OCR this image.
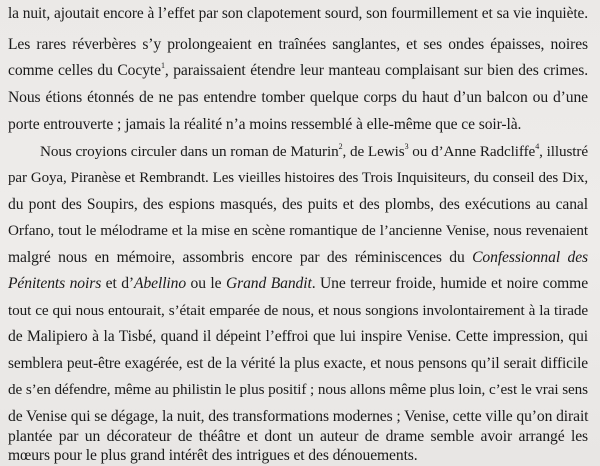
la nuit, ajoutait encore à l’effet par son clapotement sourd, son fourmillement et sa vie inquiète.
Les rares réverbères s’y prolongeaient en traînées sanglantes, et ses ondes épaisses, noires
comme celles du Cocyte$^1$, paraissaient étendre leur manteau complaisant sur bien des crimes.
Nous étions étonnés de ne pas entendre tomber quelque corps du haut d’un balcon ou d’une
porte entrouverte ; jamais la réalité n’a moins ressemblé à elle-même que ce soir-là.
Nous croyions circuler dans un roman de Maturin$^2$, de Lewis$^3$ ou d’Anne Radcliffe$^4$, illustré
par Goya, Piranèse et Rembrandt. Les vieilles histoires des Trois Inquisiteurs, du conseil des Dix,
du pont des Soupirs, des espions masqués, des puits et des plombs, des exécutions au canal
Orfano, tout le mélodrame et la mise en scène romantique de l’ancienne Venise, nous revenaient
malgré nous en mémoire, assombris encore par des réminiscences du Confessionnal des
Pénitents noirs et d’Abellino ou le Grand Bandit. Une terreur froide, humide et noire comme
tout ce qui nous entourait, s’était emparée de nous, et nous songions involontairement à la tirade
de Malipiero à la Tisbé, quand il dépeint l’effroi que lui inspire Venise. Cette impression, qui
semblera peut-être exagérée, est de la vérité la plus exacte, et nous pensons qu’il serait difficile
de s’en défendre, même au philistin le plus positif ; nous allons même plus loin, c’est le vrai sens
de Venise qui se dégage, la nuit, des transformations modernes ; Venise, cette ville qu’on dirait
plantée par un décorateur de théâtre et dont un auteur de drame semble avoir arrangé les
mœurs pour le plus grand intérêt des intrigues et des dénouements.
